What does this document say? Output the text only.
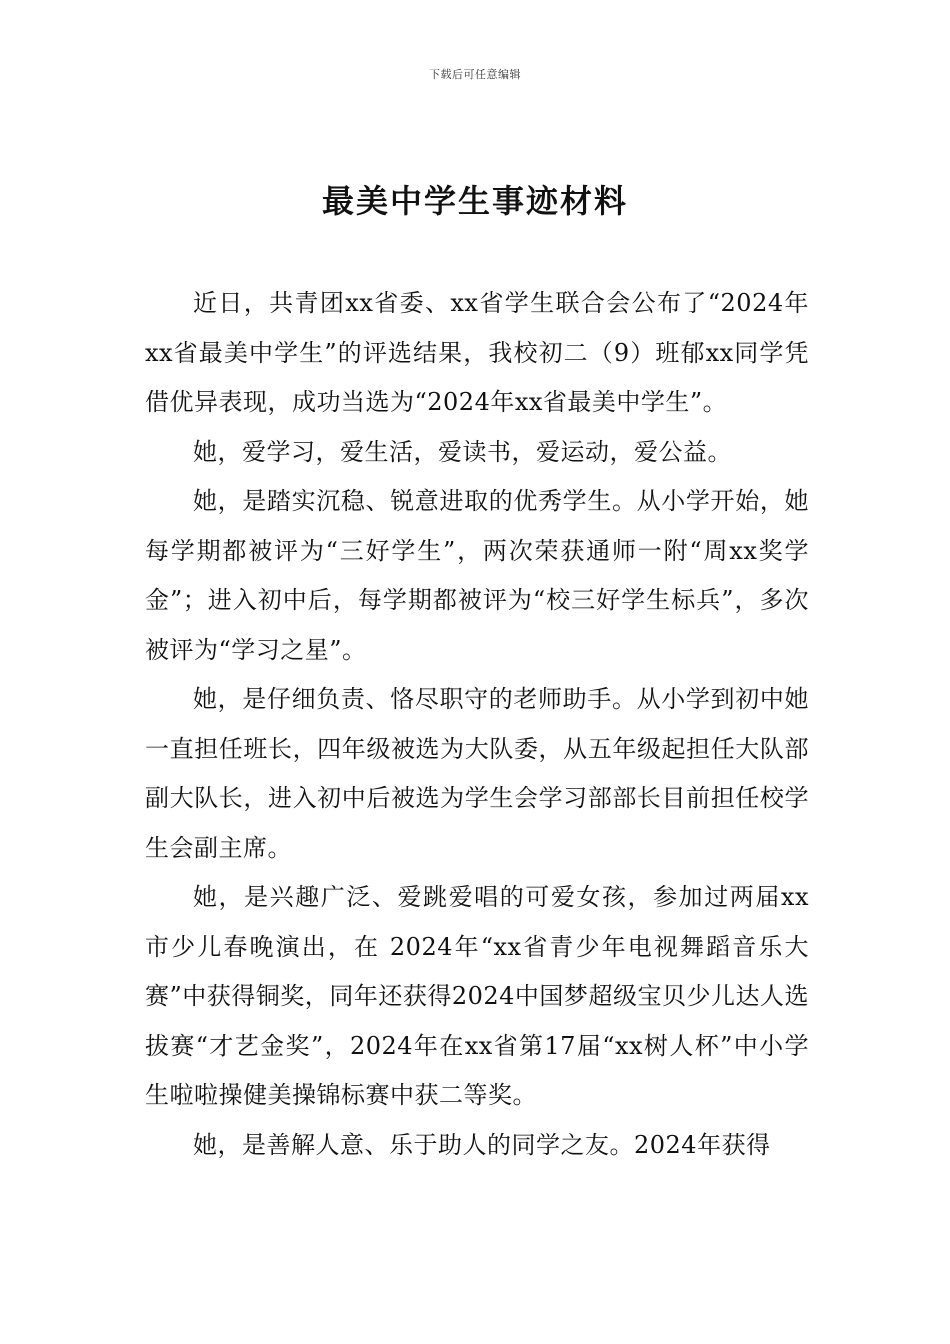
下载后可任意编辑
最美中学生事迹材料

近日，共青团xx省委、xx省学生联合会公布了“2024年xx省最美中学生”的评选结果，我校初二（9）班郁xx同学凭借优异表现，成功当选为“2024年xx省最美中学生”。

她，爱学习，爱生活，爱读书，爱运动，爱公益。

她，是踏实沉稳、锐意进取的优秀学生。从小学开始，她每学期都被评为“三好学生”，两次荣获通师一附“周xx奖学金”；进入初中后，每学期都被评为“校三好学生标兵”，多次被评为“学习之星”。

她，是仔细负责、恪尽职守的老师助手。从小学到初中她一直担任班长，四年级被选为大队委，从五年级起担任大队部副大队长，进入初中后被选为学生会学习部部长目前担任校学生会副主席。

她，是兴趣广泛、爱跳爱唱的可爱女孩，参加过两届xx市少儿春晚演出，在 2024年“xx省青少年电视舞蹈音乐大赛”中获得铜奖，同年还获得2024中国梦超级宝贝少儿达人选拔赛“才艺金奖”，2024年在xx省第17届“xx树人杯”中小学生啦啦操健美操锦标赛中获二等奖。

她，是善解人意、乐于助人的同学之友。2024年获得
